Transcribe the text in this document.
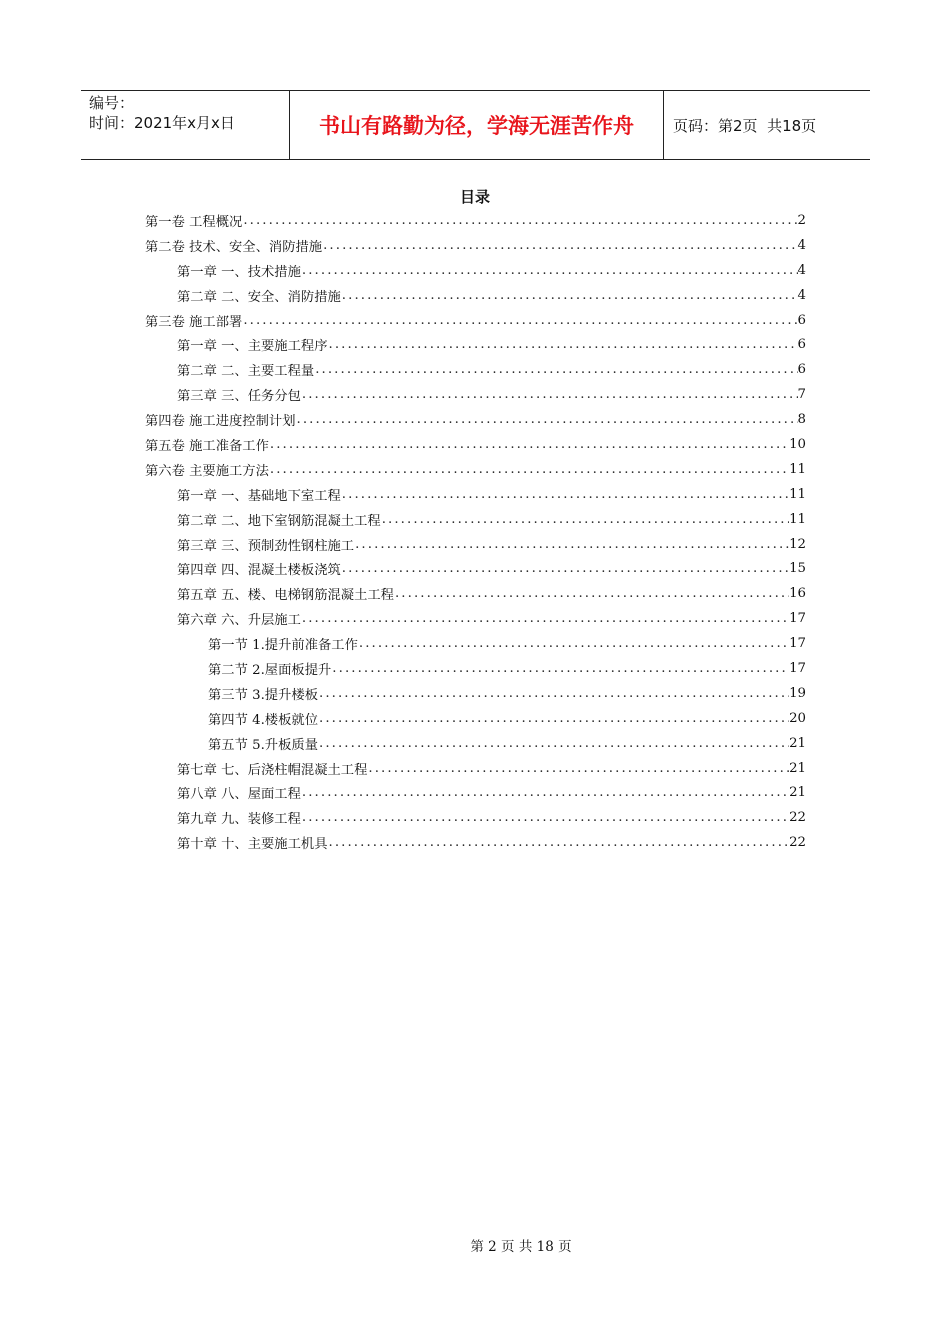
编号：
时间：2021年x月x日	书山有路勤为径，学海无涯苦作舟	页码：第2页  共18页
目录
第一卷 工程概况 .....	2
第二卷 技术、安全、消防措施 .....	4
第一章 一、技术措施 .....	4
第二章 二、安全、消防措施 .....	4
第三卷 施工部署 .....	6
第一章 一、主要施工程序 .....	6
第二章 二、主要工程量 .....	6
第三章 三、任务分包 .....	7
第四卷 施工进度控制计划 .....	8
第五卷 施工准备工作 .....	10
第六卷 主要施工方法 .....	11
第一章 一、基础地下室工程 .....	11
第二章 二、地下室钢筋混凝土工程 .....	11
第三章 三、预制劲性钢柱施工 .....	12
第四章 四、混凝土楼板浇筑 .....	15
第五章 五、楼、电梯钢筋混凝土工程 .....	16
第六章 六、升层施工 .....	17
第一节 1.提升前准备工作 .....	17
第二节 2.屋面板提升 .....	17
第三节 3.提升楼板 .....	19
第四节 4.楼板就位 .....	20
第五节 5.升板质量 .....	21
第七章 七、后浇柱帽混凝土工程 .....	21
第八章 八、屋面工程 .....	21
第九章 九、装修工程 .....	22
第十章 十、主要施工机具 .....	22
第 2 页 共 18 页
